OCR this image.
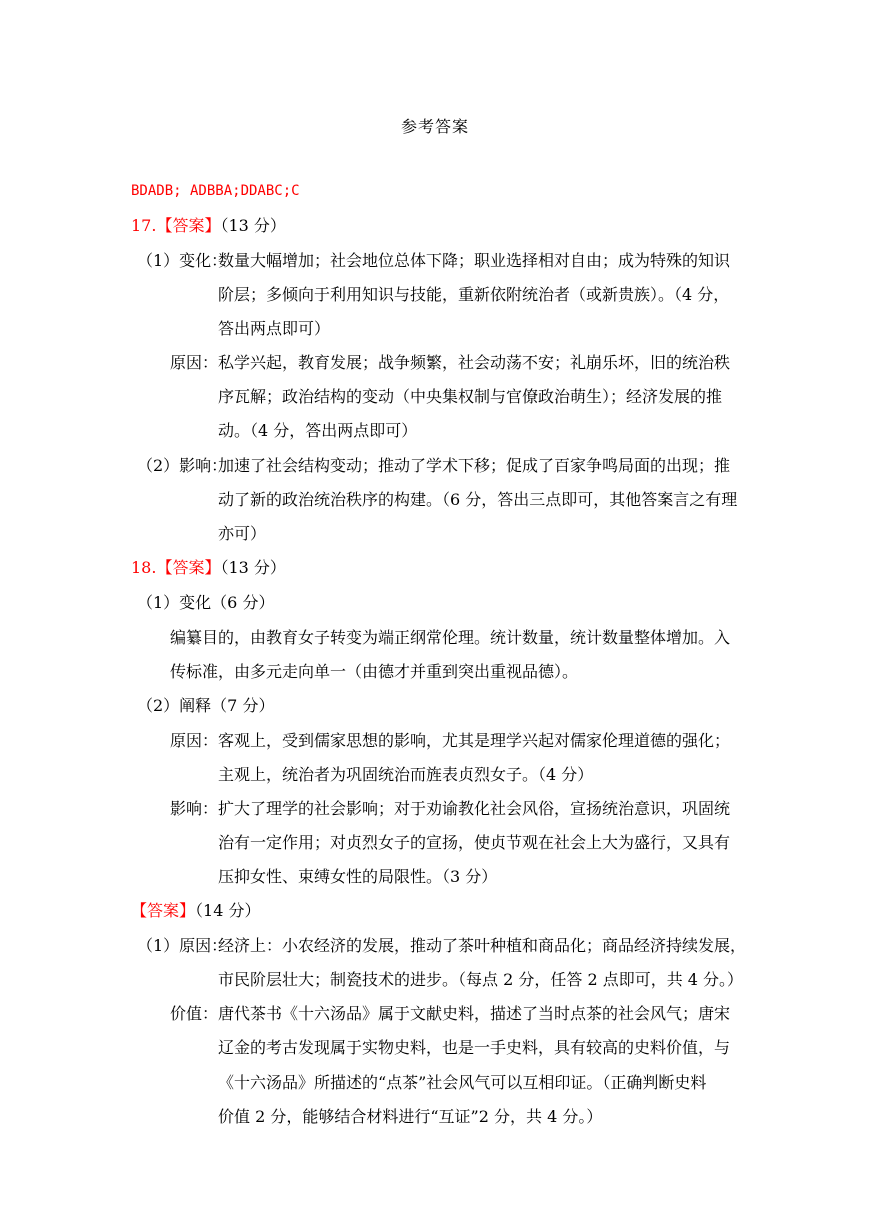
参考答案
BDADB; ADBBA;DDABC;C
17.【答案】（13 分）
（1）变化：
数量大幅增加；社会地位总体下降；职业选择相对自由；成为特殊的知识
阶层；多倾向于利用知识与技能，重新依附统治者（或新贵族）。（4 分，
答出两点即可）
原因： 私学兴起，教育发展；战争频繁，社会动荡不安；礼崩乐坏，旧的统治秩
序瓦解；政治结构的变动（中央集权制与官僚政治萌生）；经济发展的推
动。（4 分，答出两点即可）
（2）影响：
加速了社会结构变动；推动了学术下移；促成了百家争鸣局面的出现；推
动了新的政治统治秩序的构建。（6 分，答出三点即可，其他答案言之有理
亦可）
18.【答案】（13 分）
（1）变化（6 分）
编纂目的，由教育女子转变为端正纲常伦理。统计数量，统计数量整体增加。入
传标准，由多元走向单一（由德才并重到突出重视品德）。
（2）阐释（7 分）
原因： 客观上，受到儒家思想的影响，尤其是理学兴起对儒家伦理道德的强化；
主观上，统治者为巩固统治而旌表贞烈女子。（4 分）
影响： 扩大了理学的社会影响；对于劝谕教化社会风俗，宣扬统治意识，巩固统
治有一定作用；对贞烈女子的宣扬，使贞节观在社会上大为盛行，又具有
压抑女性、束缚女性的局限性。（3 分）
【答案】（14 分）
（1）原因：
经济上：小农经济的发展，推动了茶叶种植和商品化；商品经济持续发展，
市民阶层壮大；制瓷技术的进步。（每点 2 分，任答 2 点即可，共 4 分。）
价值： 唐代茶书《十六汤品》属于文献史料，描述了当时点茶的社会风气；唐宋
辽金的考古发现属于实物史料，也是一手史料，具有较高的史料价值，与
《十六汤品》所描述的“点茶”社会风气可以互相印证。（正确判断史料
价值 2 分，能够结合材料进行“互证”2 分，共 4 分。）
